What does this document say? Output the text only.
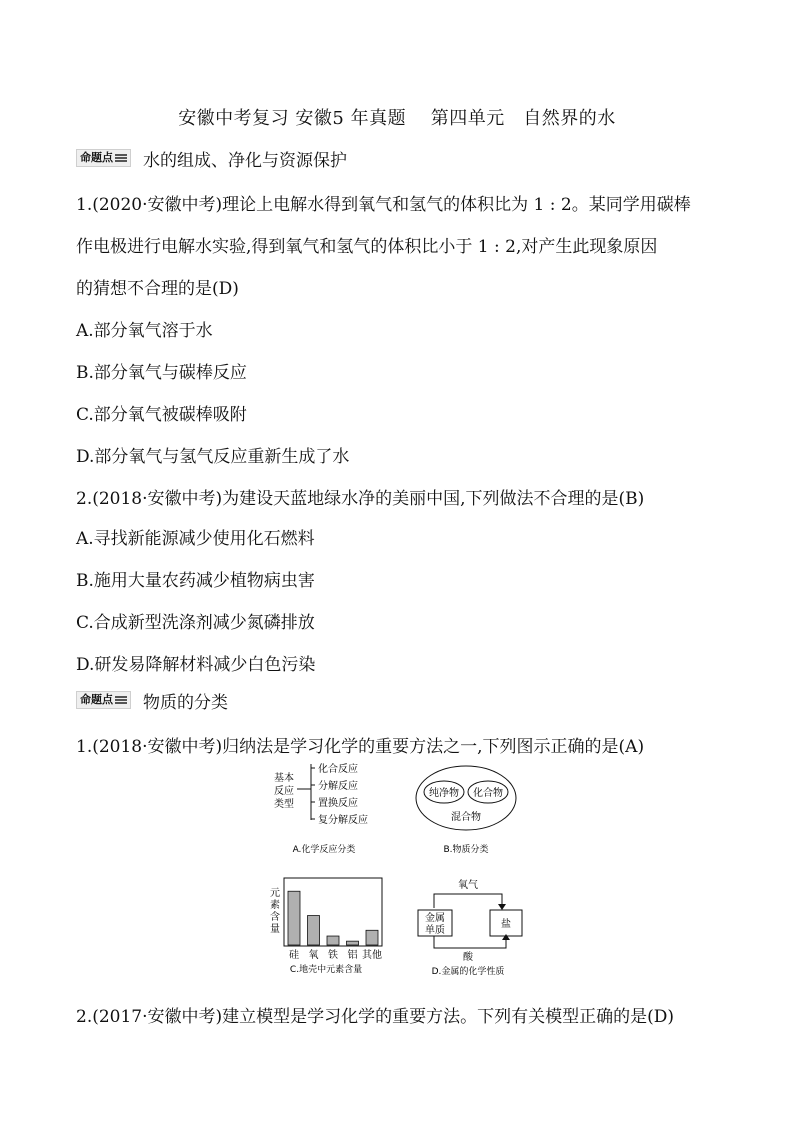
安徽中考复习 安徽5 年真题　 第四单元　自然界的水
命题点 水的组成、净化与资源保护
1.(2020·安徽中考)理论上电解水得到氧气和氢气的体积比为 1 : 2。某同学用碳棒
作电极进行电解水实验,得到氧气和氢气的体积比小于 1 : 2,对产生此现象原因
的猜想不合理的是(D)
A.部分氧气溶于水
B.部分氧气与碳棒反应
C.部分氧气被碳棒吸附
D.部分氧气与氢气反应重新生成了水
2.(2018·安徽中考)为建设天蓝地绿水净的美丽中国,下列做法不合理的是(B)
A.寻找新能源减少使用化石燃料
B.施用大量农药减少植物病虫害
C.合成新型洗涤剂减少氮磷排放
D.研发易降解材料减少白色污染
命题点 物质的分类
1.(2018·安徽中考)归纳法是学习化学的重要方法之一,下列图示正确的是(A)
基本
反应
类型
化合反应
分解反应
置换反应
复分解反应
A.化学反应分类
纯净物 化合物
混合物
B.物质分类
元
素
含
量
硅 氧 铁 铝 其他
C.地壳中元素含量
氧气
金属
单质
盐
酸
D.金属的化学性质
2.(2017·安徽中考)建立模型是学习化学的重要方法。下列有关模型正确的是(D)
